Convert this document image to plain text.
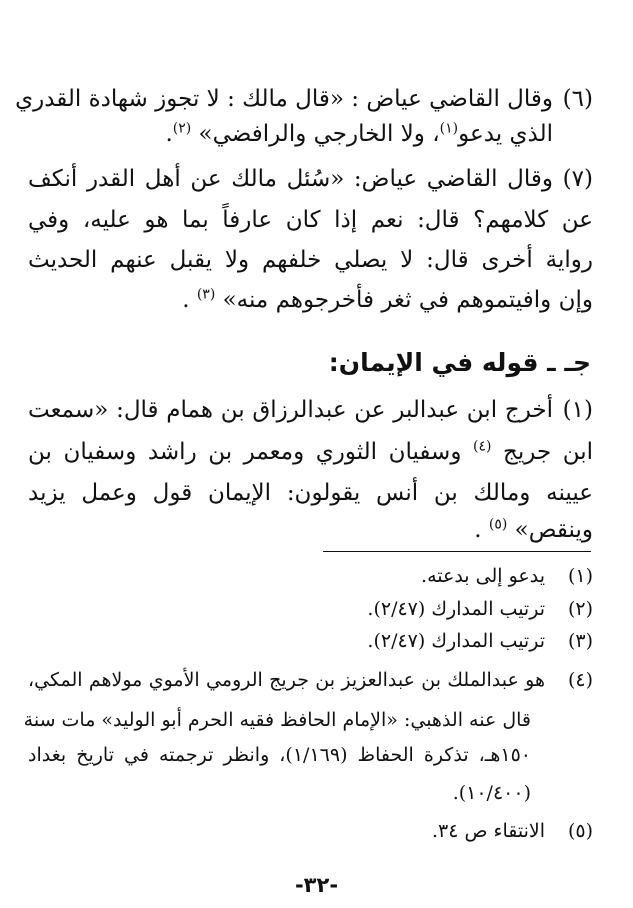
(٦)
وقال القاضي عياض : «قال مالك : لا تجوز شهادة القدري
الذي يدعو$^{(١)}$، ولا الخارجي والرافضي» $^{(٢)}$.
(٧)
وقال القاضي عياض: «سُئل مالك عن أهل القدر أنكف
عن كلامهم؟ قال: نعم إذا كان عارفاً بما هو عليه، وفي
رواية أخرى قال: لا يصلي خلفهم ولا يقبل عنهم الحديث
وإن وافيتموهم في ثغر فأخرجوهم منه» $^{(٣)}$ .
جـ ـ قوله في الإيمان:
(١)
أخرج ابن عبدالبر عن عبدالرزاق بن همام قال: «سمعت
ابن جريج $^{(٤)}$ وسفيان الثوري ومعمر بن راشد وسفيان بن
عيينه ومالك بن أنس يقولون: الإيمان قول وعمل يزيد
وينقص» $^{(٥)}$ .
(١)
يدعو إلى بدعته.
(٢)
ترتيب المدارك (٢/٤٧).
(٣)
ترتيب المدارك (٢/٤٧).
(٤)
هو عبدالملك بن عبدالعزيز بن جريج الرومي الأموي مولاهم المكي،
قال عنه الذهبي: «الإمام الحافظ فقيه الحرم أبو الوليد» مات سنة
١٥٠هـ، تذكرة الحفاظ (١/١٦٩)، وانظر ترجمته في تاريخ بغداد
(١٠/٤٠٠).
(٥)
الانتقاء ص ٣٤.
-٣٢-
